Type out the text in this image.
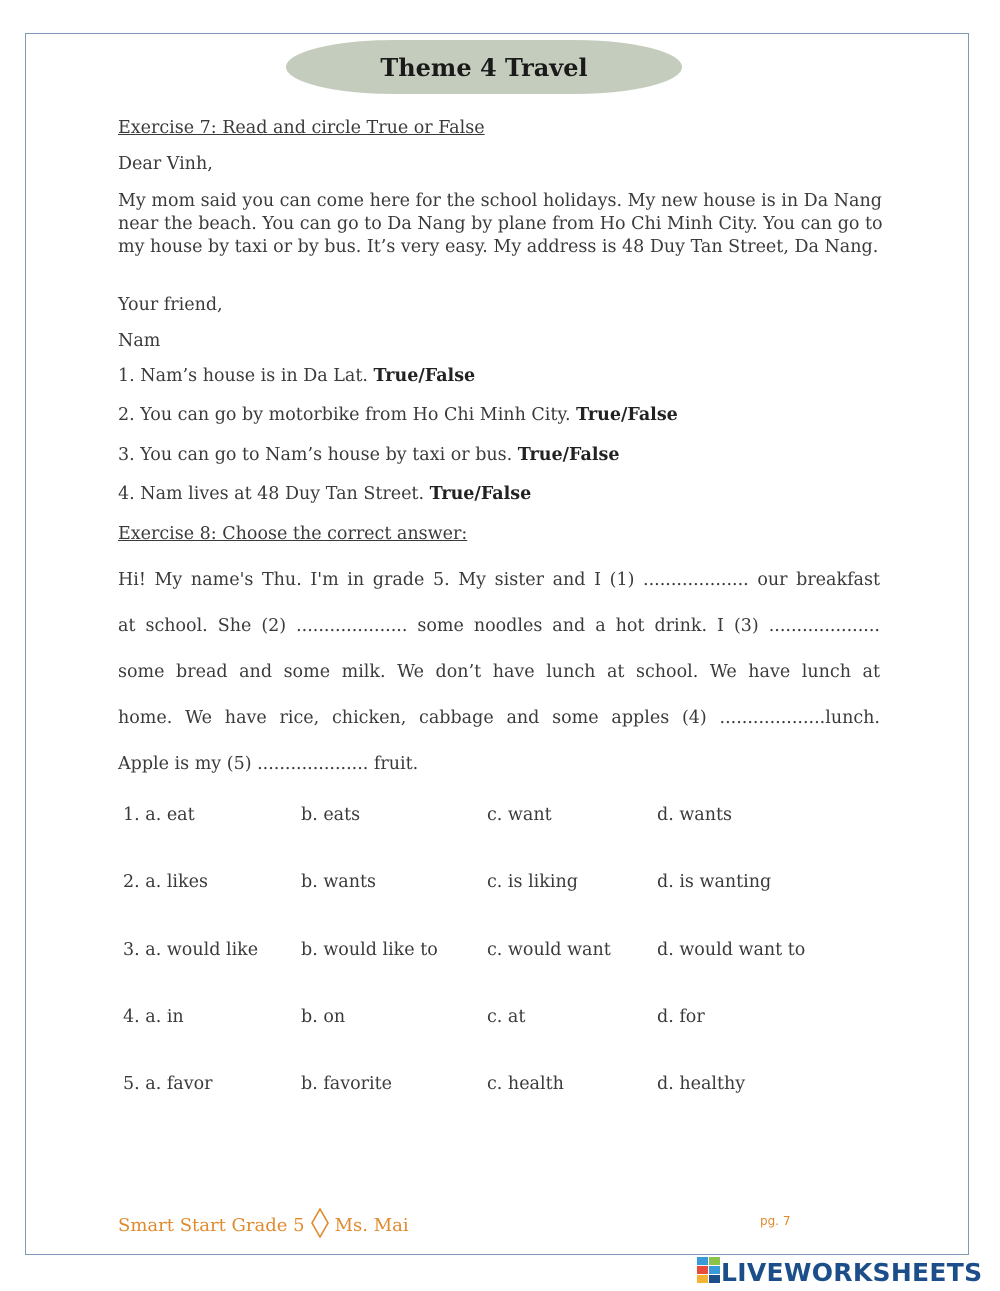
Theme 4 Travel
Exercise 7: Read and circle True or False
Dear Vinh,
My mom said you can come here for the school holidays. My new house is in Da Nang near the beach. You can go to Da Nang by plane from Ho Chi Minh City. You can go to my house by taxi or by bus. It’s very easy. My address is 48 Duy Tan Street, Da Nang.
Your friend,
Nam
1. Nam’s house is in Da Lat. True/False
2. You can go by motorbike from Ho Chi Minh City. True/False
3. You can go to Nam’s house by taxi or bus. True/False
4. Nam lives at 48 Duy Tan Street. True/False
Exercise 8: Choose the correct answer:
Hi! My name's Thu. I'm in grade 5. My sister and I (1) ................... our breakfast
at school. She (2) .................... some noodles and a hot drink. I (3) ....................
some bread and some milk. We don’t have lunch at school. We have lunch at
home. We have rice, chicken, cabbage and some apples (4) ...................lunch.
Apple is my (5) .................... fruit.
1. a. eat	b. eats	c. want	d. wants
2. a. likes	b. wants	c. is liking	d. is wanting
3. a. would like b. would like to	c. would want	d. would want to
4. a. in	b. on	c. at	d. for
5. a. favor	b. favorite	c. health	d. healthy
Smart Start Grade 5 Ms. Mai	pg. 7
LIVEWORKSHEETS
